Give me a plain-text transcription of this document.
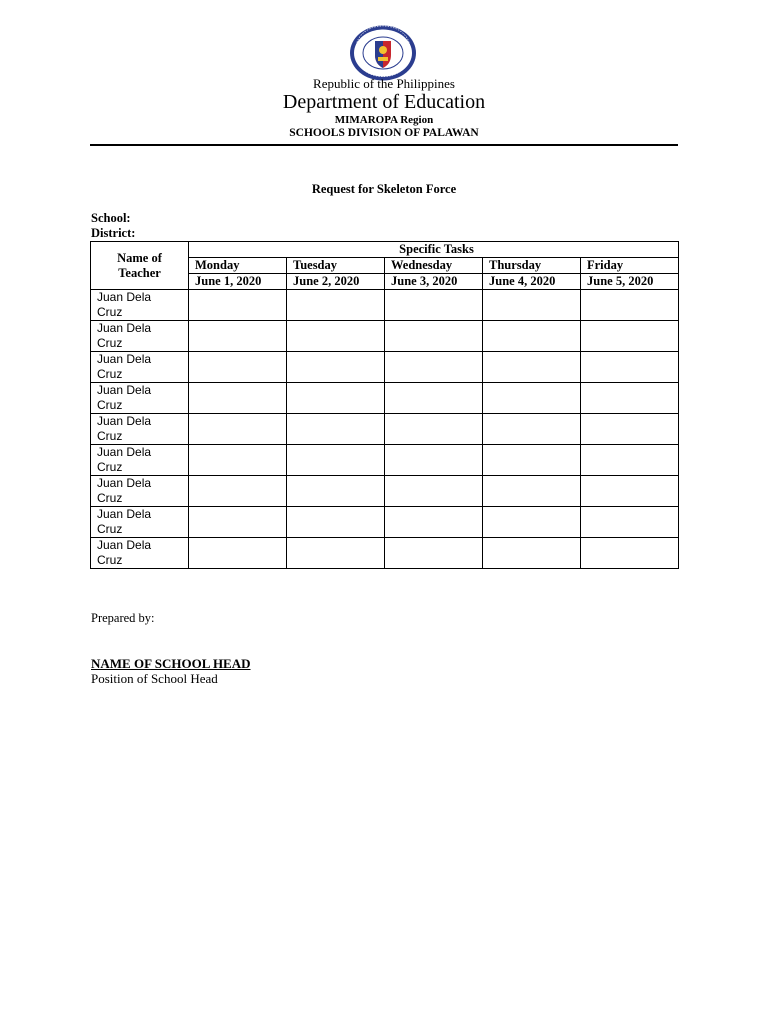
Republic of the Philippines

Department of Education

MIMAROPA Region

SCHOOLS DIVISION OF PALAWAN

Request for Skeleton Force
School:
District:
Name of
Teacher	Specific Tasks				
	Monday	Tuesday	Wednesday	Thursday	Friday
	June 1, 2020	June 2, 2020	June 3, 2020	June 4, 2020	June 5, 2020

Juan Dela
Cruz					

Juan Dela
Cruz					

Juan Dela
Cruz					

Juan Dela
Cruz					

Juan Dela
Cruz					

Juan Dela
Cruz					

Juan Dela
Cruz					

Juan Dela
Cruz					

Juan Dela
Cruz					

Prepared by:
NAME OF SCHOOL HEAD
Position of School Head
